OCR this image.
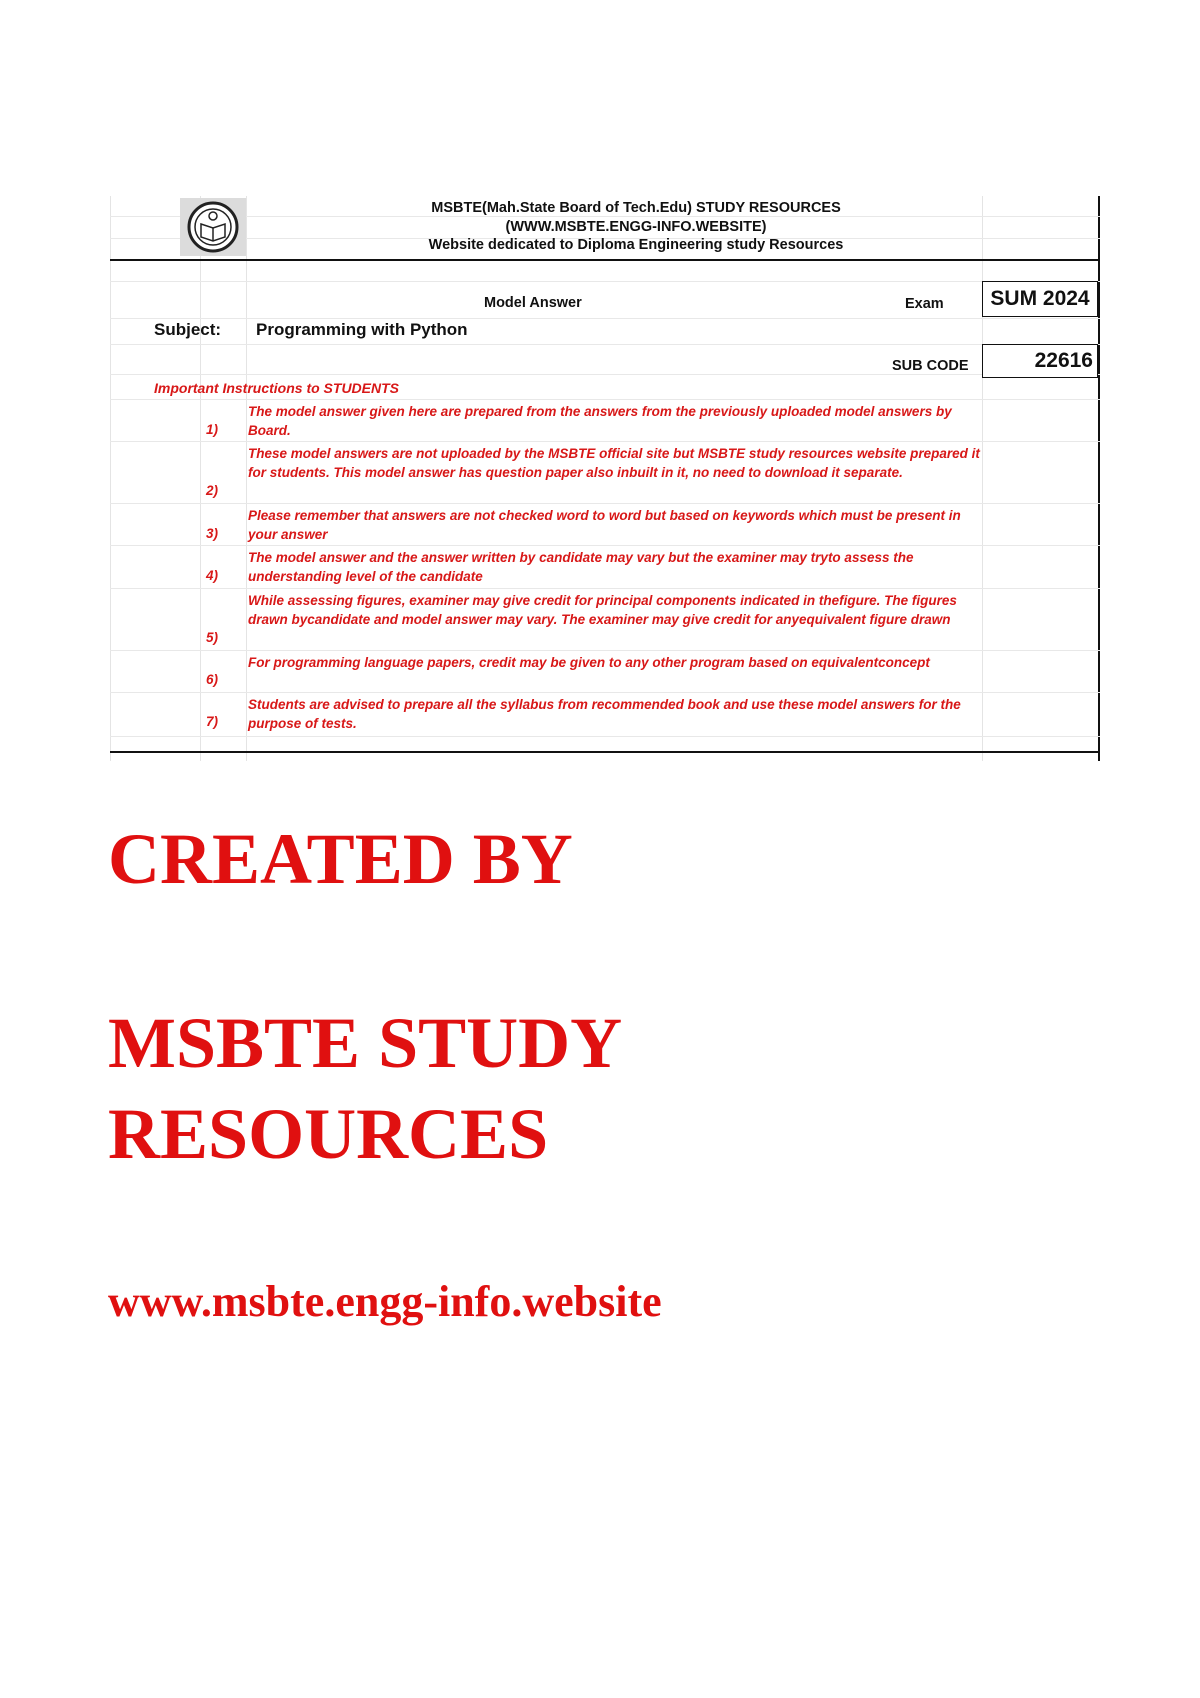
MSBTE(Mah.State Board of Tech.Edu) STUDY RESOURCES
(WWW.MSBTE.ENGG-INFO.WEBSITE)
Website dedicated to Diploma Engineering study Resources
Model Answer	Exam	SUM 2024
Subject: Programming with Python
SUB CODE	22616
Important Instructions to STUDENTS
1)
The model answer given here are prepared from the answers from the previously uploaded model answers by Board.
2)
These model answers are not uploaded by the MSBTE official site but MSBTE study resources website prepared it for students. This model answer has question paper also inbuilt in it, no need to download it separate.
3)
Please remember that answers are not checked word to word but based on keywords which must be present in your answer
4)
The model answer and the answer written by candidate may vary but the examiner may tryto assess the understanding level of the candidate
5)
While assessing figures, examiner may give credit for principal components indicated in thefigure. The figures drawn bycandidate and model answer may vary. The examiner may give credit for anyequivalent figure drawn
6)
For programming language papers, credit may be given to any other program based on equivalentconcept
7)
Students are advised to prepare all the syllabus from recommended book and use these model answers for the purpose of tests.
CREATED BY
MSBTE STUDY
RESOURCES
www.msbte.engg-info.website
